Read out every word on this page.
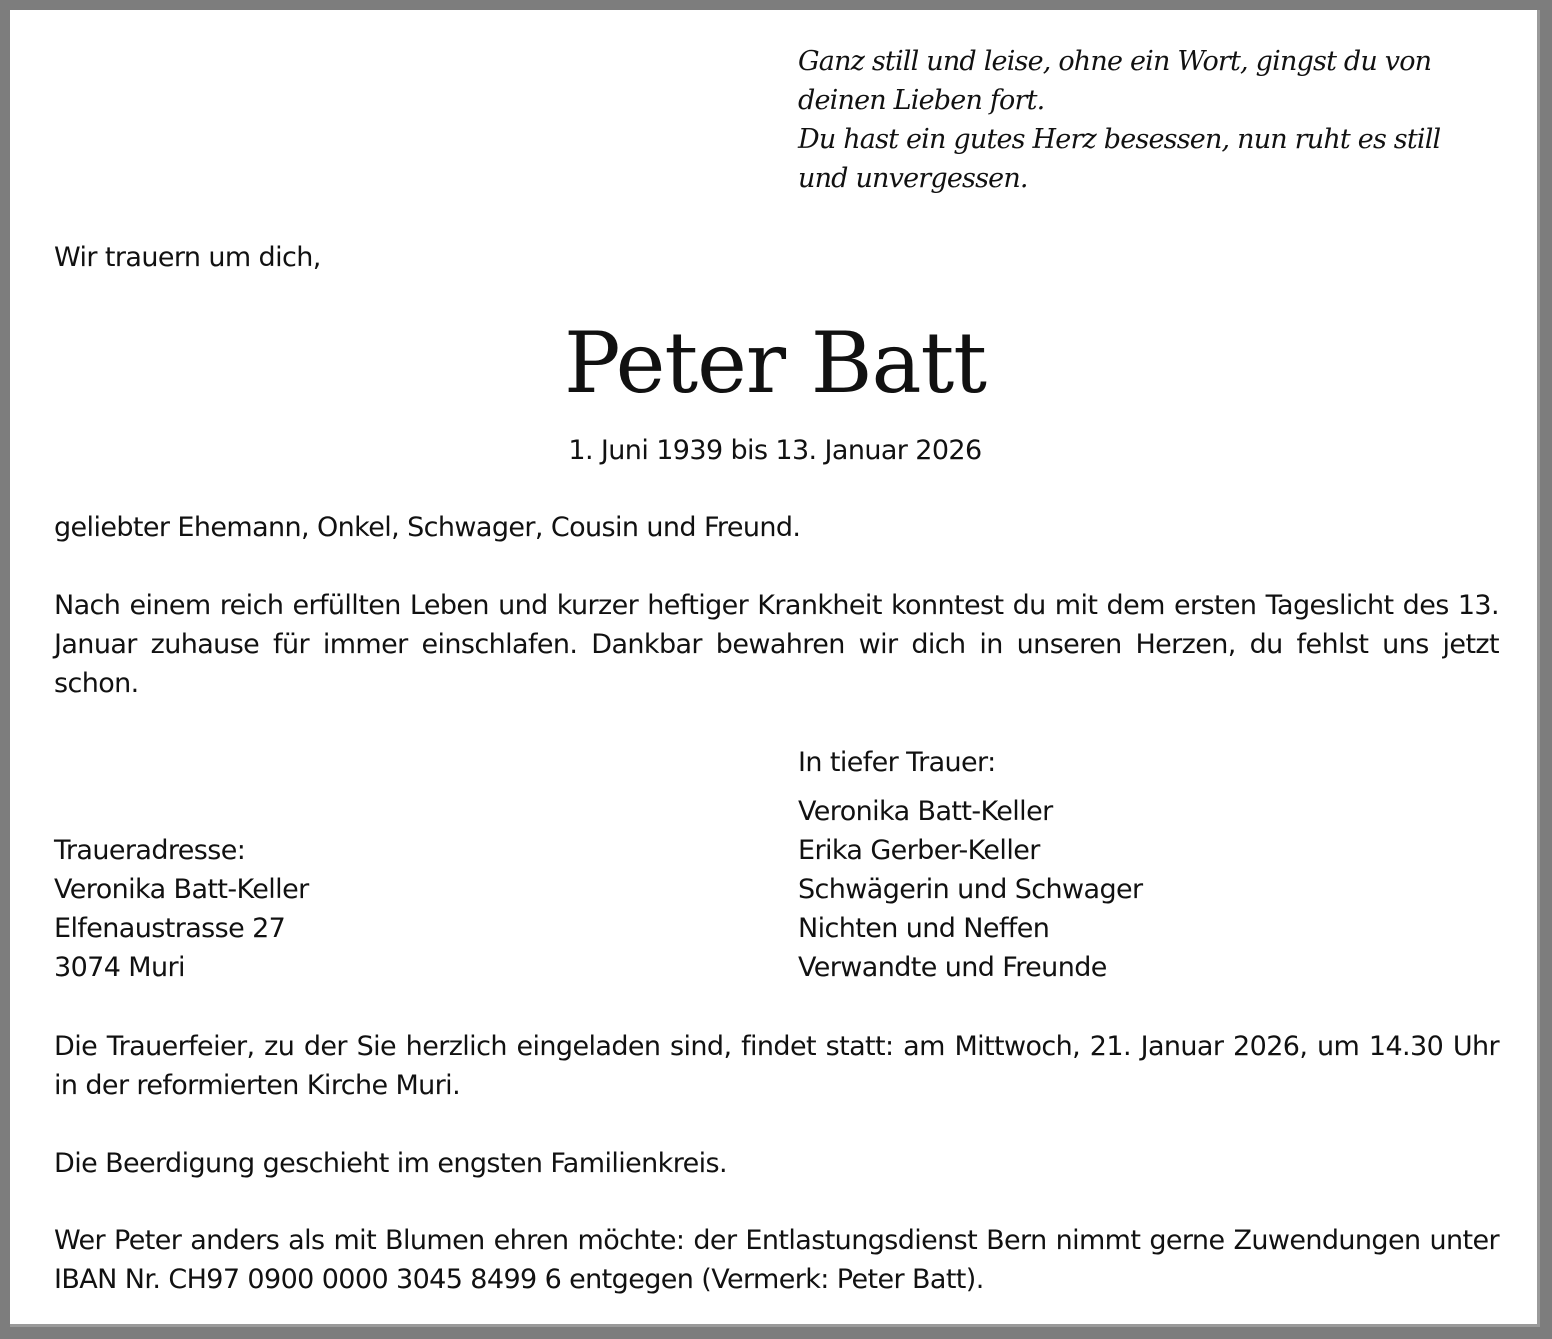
Ganz still und leise, ohne ein Wort, gingst du von
deinen Lieben fort.
Du hast ein gutes Herz besessen, nun ruht es still
und unvergessen.
Wir trauern um dich,
Peter Batt
1. Juni 1939 bis 13. Januar 2026
geliebter Ehemann, Onkel, Schwager, Cousin und Freund.
Nach einem reich erfüllten Leben und kurzer heftiger Krankheit konntest du mit dem ersten Tageslicht des 13. Januar zuhause für immer einschlafen. Dankbar bewahren wir dich in unseren Herzen, du fehlst uns jetzt schon.
In tiefer Trauer:
Veronika Batt-Keller
Erika Gerber-Keller
Schwägerin und Schwager
Nichten und Neffen
Verwandte und Freunde
Traueradresse:
Veronika Batt-Keller
Elfenaustrasse 27
3074 Muri
Die Trauerfeier, zu der Sie herzlich eingeladen sind, findet statt: am Mittwoch, 21. Januar 2026, um 14.30 Uhr in der reformierten Kirche Muri.
Die Beerdigung geschieht im engsten Familienkreis.
Wer Peter anders als mit Blumen ehren möchte: der Entlastungsdienst Bern nimmt gerne Zuwendungen unter IBAN Nr. CH97 0900 0000 3045 8499 6 entgegen (Vermerk: Peter Batt).
